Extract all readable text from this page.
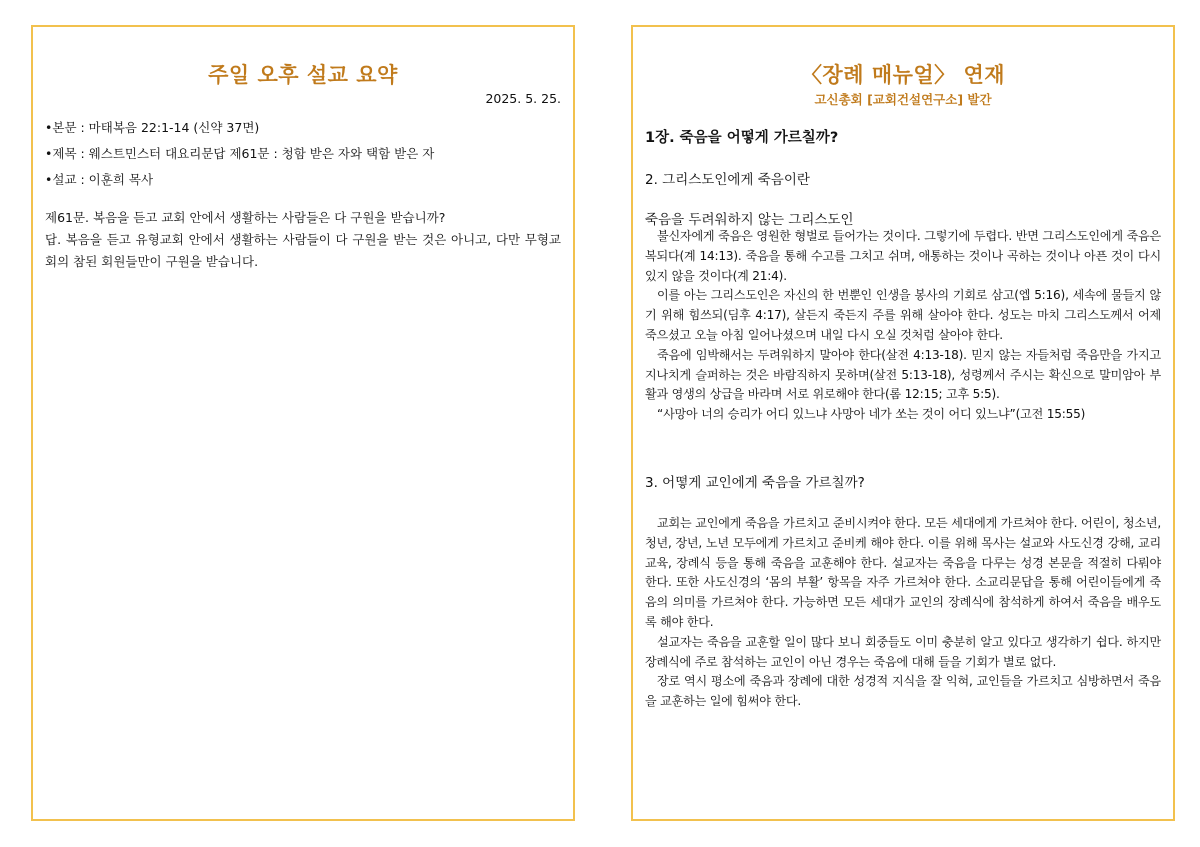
주일 오후 설교 요약
2025. 5. 25.
•본문 : 마태복음 22:1-14 (신약 37면)
•제목 : 웨스트민스터 대요리문답 제61문 : 청함 받은 자와 택함 받은 자
•설교 : 이훈희 목사

제61문. 복음을 듣고 교회 안에서 생활하는 사람들은 다 구원을 받습니까?

답. 복음을 듣고 유형교회 안에서 생활하는 사람들이 다 구원을 받는 것은 아니고, 다만 무형교회의 참된 회원들만이 구원을 받습니다.

〈장례 매뉴얼〉 연재
고신총회 [교회건설연구소] 발간
1장. 죽음을 어떻게 가르칠까?
2. 그리스도인에게 죽음이란
죽음을 두려워하지 않는 그리스도인

불신자에게 죽음은 영원한 형벌로 들어가는 것이다. 그렇기에 두렵다. 반면 그리스도인에게 죽음은 복되다(계 14:13). 죽음을 통해 수고를 그치고 쉬며, 애통하는 것이나 곡하는 것이나 아픈 것이 다시 있지 않을 것이다(계 21:4).

이를 아는 그리스도인은 자신의 한 번뿐인 인생을 봉사의 기회로 삼고(엡 5:16), 세속에 물들지 않기 위해 힘쓰되(딤후 4:17), 살든지 죽든지 주를 위해 살아야 한다. 성도는 마치 그리스도께서 어제 죽으셨고 오늘 아침 일어나셨으며 내일 다시 오실 것처럼 살아야 한다.

죽음에 임박해서는 두려워하지 말아야 한다(살전 4:13-18). 믿지 않는 자들처럼 죽음만을 가지고 지나치게 슬퍼하는 것은 바람직하지 못하며(살전 5:13-18), 성령께서 주시는 확신으로 말미암아 부활과 영생의 상급을 바라며 서로 위로해야 한다(롬 12:15; 고후 5:5).

“사망아 너의 승리가 어디 있느냐 사망아 네가 쏘는 것이 어디 있느냐”(고전 15:55)

3. 어떻게 교인에게 죽음을 가르칠까?

교회는 교인에게 죽음을 가르치고 준비시켜야 한다. 모든 세대에게 가르쳐야 한다. 어린이, 청소년, 청년, 장년, 노년 모두에게 가르치고 준비케 해야 한다. 이를 위해 목사는 설교와 사도신경 강해, 교리교육, 장례식 등을 통해 죽음을 교훈해야 한다. 설교자는 죽음을 다루는 성경 본문을 적절히 다뤄야 한다. 또한 사도신경의 ‘몸의 부활’ 항목을 자주 가르쳐야 한다. 소교리문답을 통해 어린이들에게 죽음의 의미를 가르쳐야 한다. 가능하면 모든 세대가 교인의 장례식에 참석하게 하여서 죽음을 배우도록 해야 한다.

설교자는 죽음을 교훈할 일이 많다 보니 회중들도 이미 충분히 알고 있다고 생각하기 쉽다. 하지만 장례식에 주로 참석하는 교인이 아닌 경우는 죽음에 대해 들을 기회가 별로 없다.

장로 역시 평소에 죽음과 장례에 대한 성경적 지식을 잘 익혀, 교인들을 가르치고 심방하면서 죽음을 교훈하는 일에 힘써야 한다.
